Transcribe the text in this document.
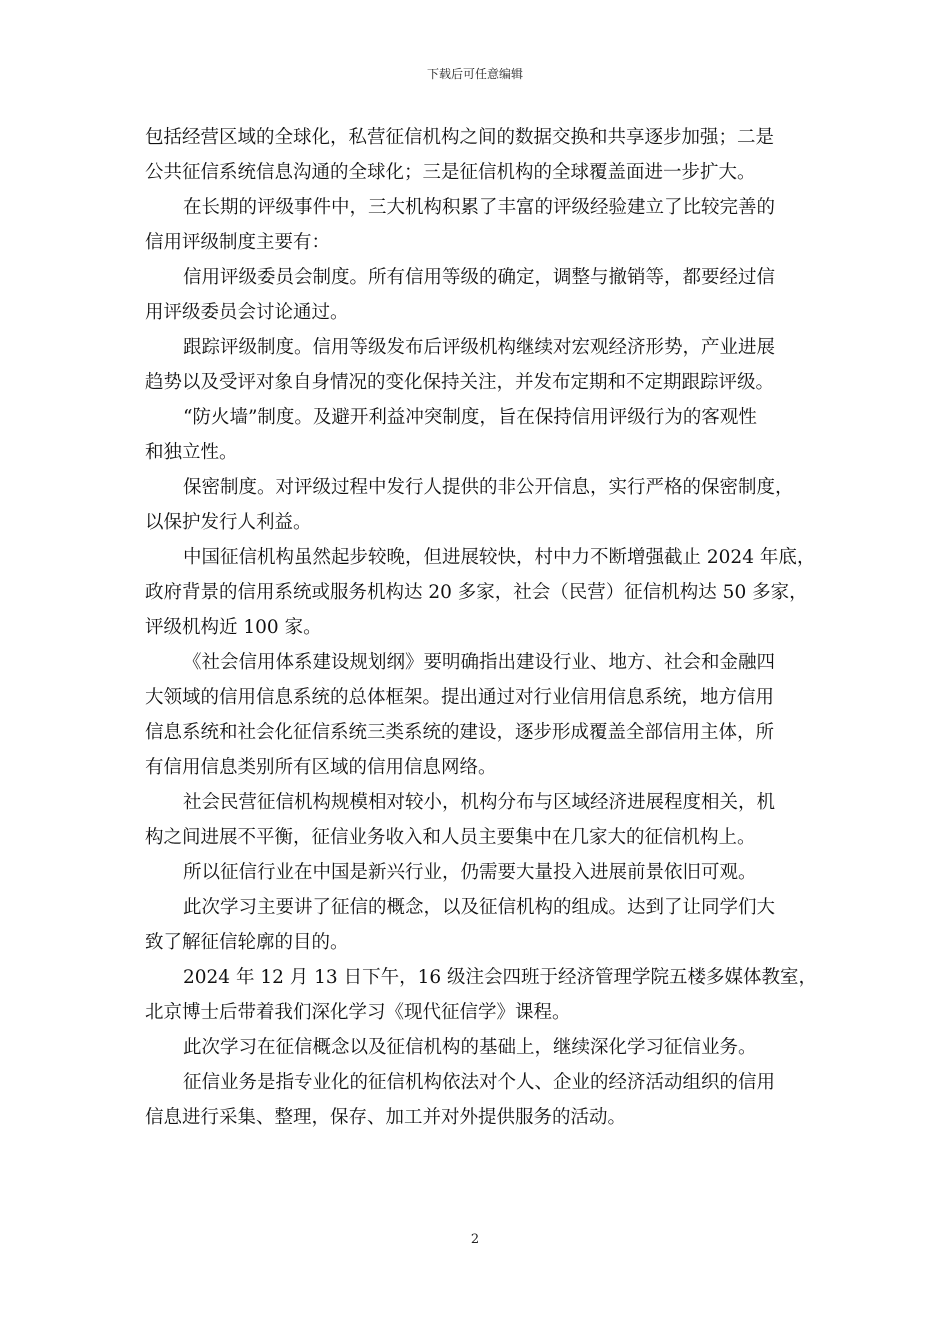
下载后可任意编辑

包括经营区域的全球化，私营征信机构之间的数据交换和共享逐步加强；二是
公共征信系统信息沟通的全球化；三是征信机构的全球覆盖面进一步扩大。

在长期的评级事件中，三大机构积累了丰富的评级经验建立了比较完善的
信用评级制度主要有：

信用评级委员会制度。所有信用等级的确定，调整与撤销等，都要经过信
用评级委员会讨论通过。

跟踪评级制度。信用等级发布后评级机构继续对宏观经济形势，产业进展
趋势以及受评对象自身情况的变化保持关注，并发布定期和不定期跟踪评级。

“防火墙”制度。及避开利益冲突制度，旨在保持信用评级行为的客观性
和独立性。

保密制度。对评级过程中发行人提供的非公开信息，实行严格的保密制度，
以保护发行人利益。

中国征信机构虽然起步较晚，但进展较快，村中力不断增强截止 2024 年底，
政府背景的信用系统或服务机构达 20 多家，社会（民营）征信机构达 50 多家，
评级机构近 100 家。

《社会信用体系建设规划纲》要明确指出建设行业、地方、社会和金融四
大领域的信用信息系统的总体框架。提出通过对行业信用信息系统，地方信用
信息系统和社会化征信系统三类系统的建设，逐步形成覆盖全部信用主体，所
有信用信息类别所有区域的信用信息网络。

社会民营征信机构规模相对较小，机构分布与区域经济进展程度相关，机
构之间进展不平衡，征信业务收入和人员主要集中在几家大的征信机构上。

所以征信行业在中国是新兴行业，仍需要大量投入进展前景依旧可观。

此次学习主要讲了征信的概念，以及征信机构的组成。达到了让同学们大
致了解征信轮廓的目的。

2024 年 12 月 13 日下午，16 级注会四班于经济管理学院五楼多媒体教室，
北京博士后带着我们深化学习《现代征信学》课程。

此次学习在征信概念以及征信机构的基础上，继续深化学习征信业务。

征信业务是指专业化的征信机构依法对个人、企业的经济活动组织的信用
信息进行采集、整理，保存、加工并对外提供服务的活动。

2
